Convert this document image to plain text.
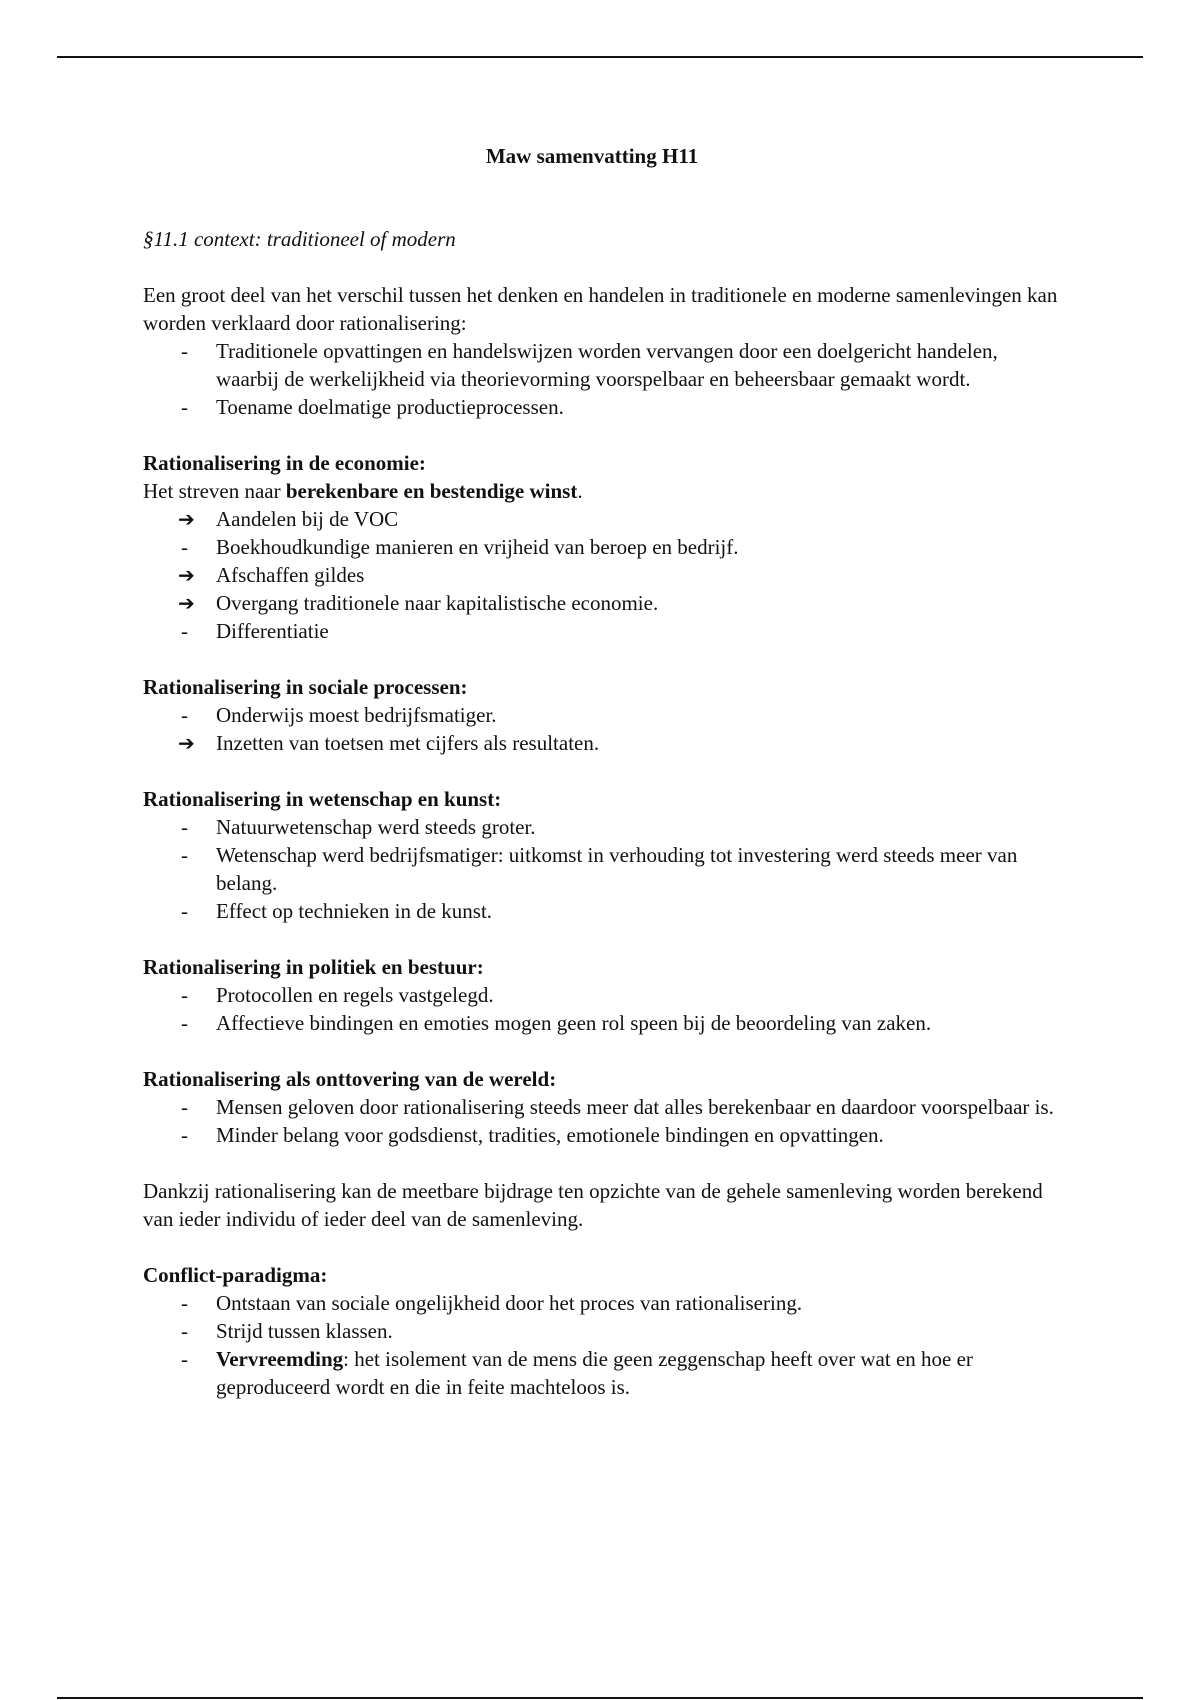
Maw samenvatting H11
§11.1 context: traditioneel of modern

Een groot deel van het verschil tussen het denken en handelen in traditionele en moderne samenlevingen kan worden verklaard door rationalisering:

-	Traditionele opvattingen en handelswijzen worden vervangen door een doelgericht handelen, waarbij de werkelijkheid via theorievorming voorspelbaar en beheersbaar gemaakt wordt.
-	Toename doelmatige productieprocessen.

Rationalisering in de economie:

Het streven naar berekenbare en bestendige winst.

➔	Aandelen bij de VOC
-	Boekhoudkundige manieren en vrijheid van beroep en bedrijf.
➔	Afschaffen gildes
➔	Overgang traditionele naar kapitalistische economie.
-	Differentiatie

Rationalisering in sociale processen:

-	Onderwijs moest bedrijfsmatiger.
➔	Inzetten van toetsen met cijfers als resultaten.

Rationalisering in wetenschap en kunst:

-	Natuurwetenschap werd steeds groter.
-	Wetenschap werd bedrijfsmatiger: uitkomst in verhouding tot investering werd steeds meer van belang.
-	Effect op technieken in de kunst.

Rationalisering in politiek en bestuur:

-	Protocollen en regels vastgelegd.
-	Affectieve bindingen en emoties mogen geen rol speen bij de beoordeling van zaken.

Rationalisering als onttovering van de wereld:

-	Mensen geloven door rationalisering steeds meer dat alles berekenbaar en daardoor voorspelbaar is.
-	Minder belang voor godsdienst, tradities, emotionele bindingen en opvattingen.

Dankzij rationalisering kan de meetbare bijdrage ten opzichte van de gehele samenleving worden berekend van ieder individu of ieder deel van de samenleving.

Conflict-paradigma:

-	Ontstaan van sociale ongelijkheid door het proces van rationalisering.
-	Strijd tussen klassen.
-	Vervreemding: het isolement van de mens die geen zeggenschap heeft over wat en hoe er geproduceerd wordt en die in feite machteloos is.
